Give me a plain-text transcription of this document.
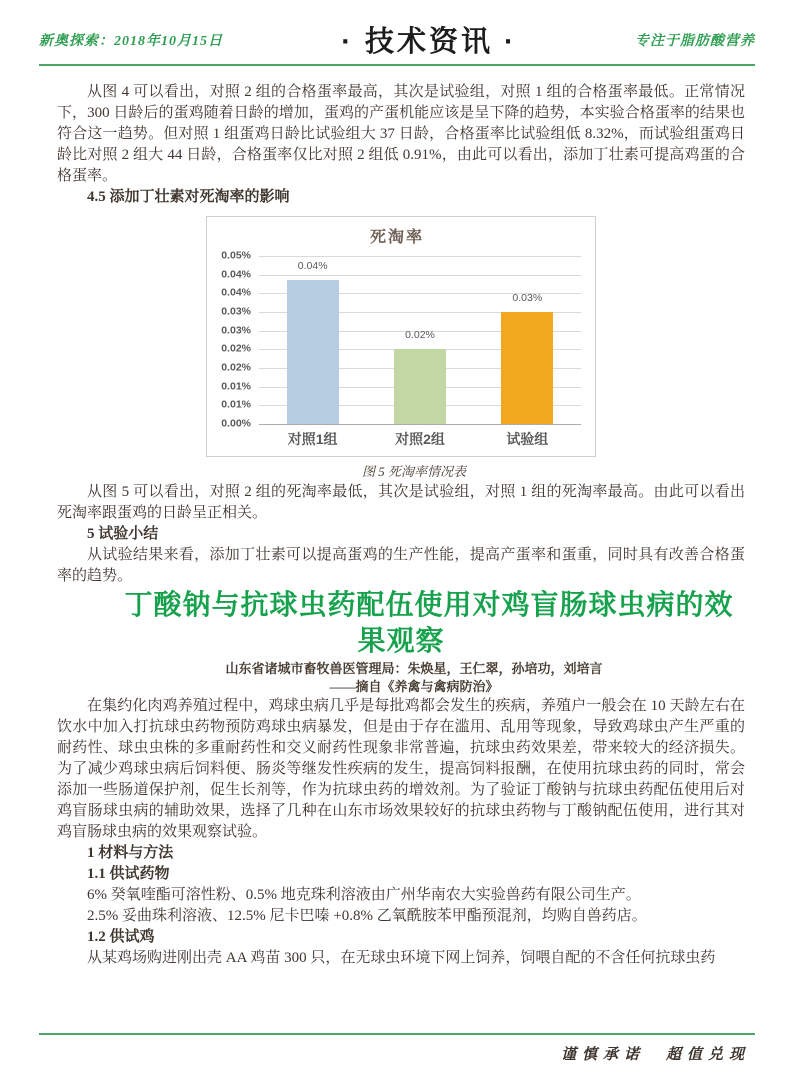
新奥探索：2018年10月15日	· 技术资讯 ·	专注于脂肪酸营养

从图 4 可以看出，对照 2 组的合格蛋率最高，其次是试验组，对照 1 组的合格蛋率最低。正常情况下，300 日龄后的蛋鸡随着日龄的增加，蛋鸡的产蛋机能应该是呈下降的趋势，本实验合格蛋率的结果也符合这一趋势。但对照 1 组蛋鸡日龄比试验组大 37 日龄，合格蛋率比试验组低 8.32%，而试验组蛋鸡日龄比对照 2 组大 44 日龄，合格蛋率仅比对照 2 组低 0.91%，由此可以看出，添加丁壮素可提高鸡蛋的合格蛋率。

4.5 添加丁壮素对死淘率的影响

死淘率
0.05%
0.04%
0.04%
0.03%
0.03%
0.02%
0.02%
0.01%
0.01%
0.00%
0.04%
0.02%
0.03%
对照1组	对照2组	试验组

图 5 死淘率情况表

从图 5 可以看出，对照 2 组的死淘率最低，其次是试验组，对照 1 组的死淘率最高。由此可以看出死淘率跟蛋鸡的日龄呈正相关。

5 试验小结

从试验结果来看，添加丁壮素可以提高蛋鸡的生产性能，提高产蛋率和蛋重，同时具有改善合格蛋率的趋势。

丁酸钠与抗球虫药配伍使用对鸡盲肠球虫病的效果观察

山东省诸城市畜牧兽医管理局：朱焕星，王仁翠，孙培功，刘培言

——摘自《养禽与禽病防治》

在集约化肉鸡养殖过程中，鸡球虫病几乎是每批鸡都会发生的疾病，养殖户一般会在 10 天龄左右在饮水中加入打抗球虫药物预防鸡球虫病暴发，但是由于存在滥用、乱用等现象，导致鸡球虫产生严重的耐药性、球虫虫株的多重耐药性和交义耐药性现象非常普遍，抗球虫药效果差，带来较大的经济损失。为了减少鸡球虫病后饲料便、肠炎等继发性疾病的发生，提高饲料报酬，在使用抗球虫药的同时，常会添加一些肠道保护剂，促生长剂等，作为抗球虫药的增效剂。为了验证丁酸钠与抗球虫药配伍使用后对鸡盲肠球虫病的辅助效果，选择了几种在山东市场效果较好的抗球虫药物与丁酸钠配伍使用，进行其对鸡盲肠球虫病的效果观察试验。

1 材料与方法

1.1 供试药物

6% 癸氧喹酯可溶性粉、0.5% 地克珠利溶液由广州华南农大实验兽药有限公司生产。

2.5% 妥曲珠利溶液、12.5% 尼卡巴嗪 +0.8% 乙氧酰胺苯甲酯预混剂，均购自兽药店。

1.2 供试鸡

从某鸡场购进刚出壳 AA 鸡苗 300 只，在无球虫环境下网上饲养，饲喂自配的不含任何抗球虫药

谨慎承诺　超值兑现
